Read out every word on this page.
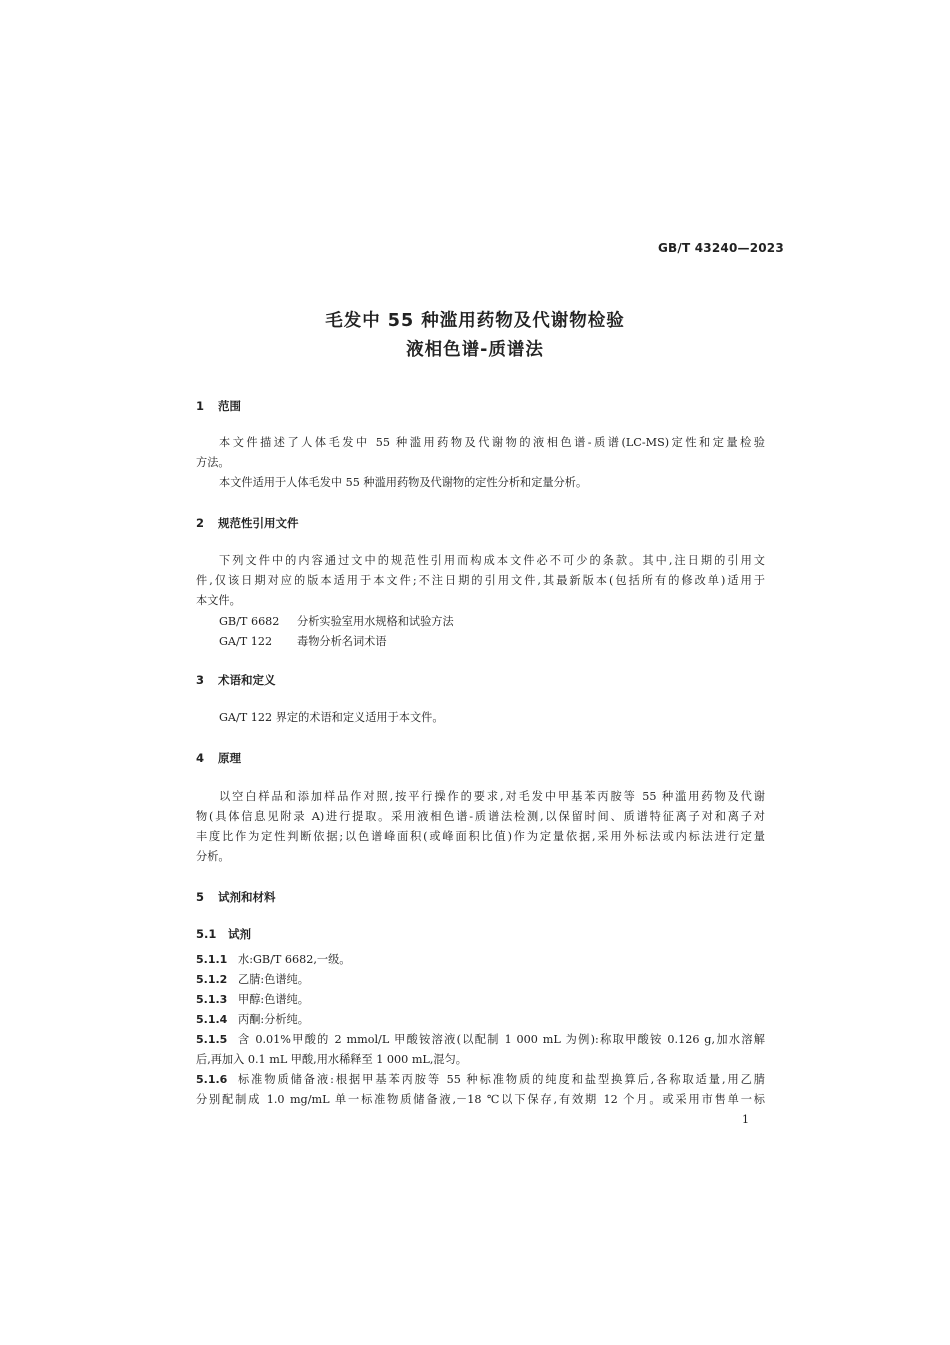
GB/T 43240—2023
毛发中 55 种滥用药物及代谢物检验
液相色谱-质谱法
1 范围
本文件描述了人体毛发中 55 种滥用药物及代谢物的液相色谱-质谱(LC-MS)定性和定量检验
方法。
本文件适用于人体毛发中 55 种滥用药物及代谢物的定性分析和定量分析。
2 规范性引用文件
下列文件中的内容通过文中的规范性引用而构成本文件必不可少的条款。其中,注日期的引用文
件,仅该日期对应的版本适用于本文件;不注日期的引用文件,其最新版本(包括所有的修改单)适用于
本文件。
GB/T 6682 分析实验室用水规格和试验方法
GA/T 122 毒物分析名词术语
3 术语和定义
GA/T 122 界定的术语和定义适用于本文件。
4 原理
以空白样品和添加样品作对照,按平行操作的要求,对毛发中甲基苯丙胺等 55 种滥用药物及代谢
物(具体信息见附录 A)进行提取。采用液相色谱-质谱法检测,以保留时间、质谱特征离子对和离子对
丰度比作为定性判断依据;以色谱峰面积(或峰面积比值)作为定量依据,采用外标法或内标法进行定量
分析。
5 试剂和材料
5.1 试剂
5.1.1 水:GB/T 6682,一级。
5.1.2 乙腈:色谱纯。
5.1.3 甲醇:色谱纯。
5.1.4 丙酮:分析纯。
5.1.5 含 0.01%甲酸的 2 mmol/L 甲酸铵溶液(以配制 1 000 mL 为例):称取甲酸铵 0.126 g,加水溶解
后,再加入 0.1 mL 甲酸,用水稀释至 1 000 mL,混匀。
5.1.6 标准物质储备液:根据甲基苯丙胺等 55 种标准物质的纯度和盐型换算后,各称取适量,用乙腈
分别配制成 1.0 mg/mL 单一标准物质储备液,－18 ℃以下保存,有效期 12 个月。或采用市售单一标
1
